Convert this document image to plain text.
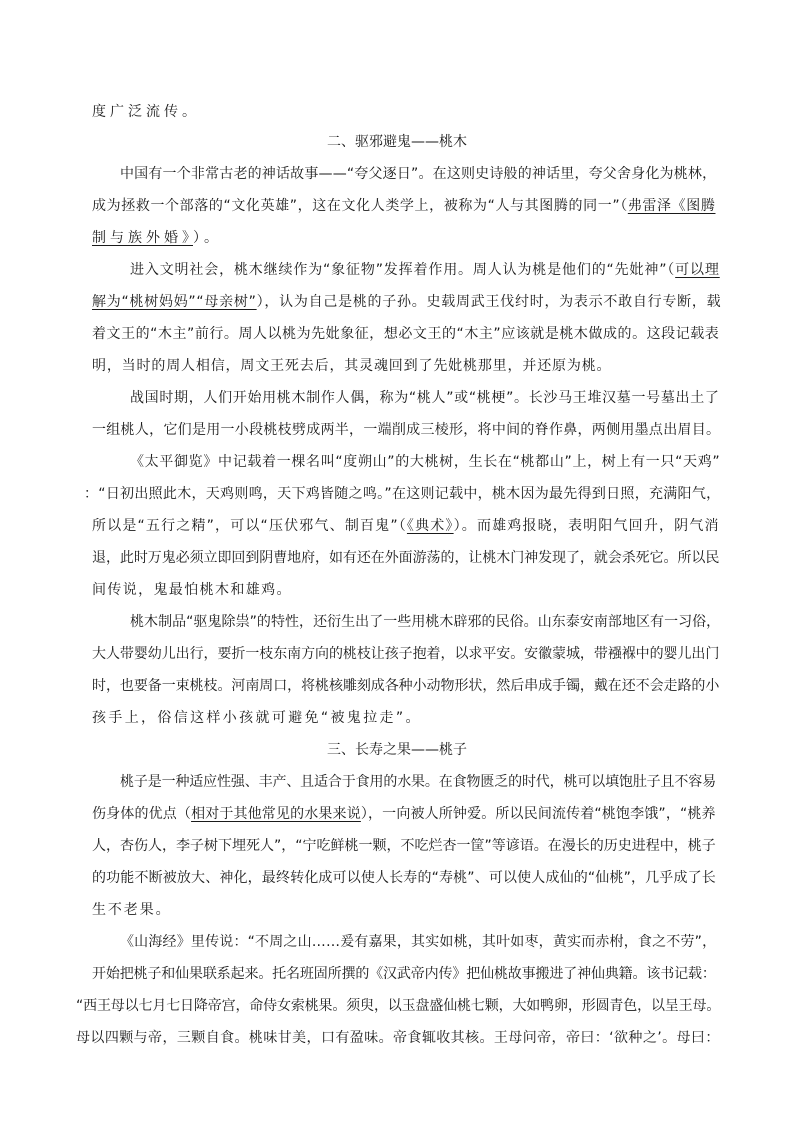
度广泛流传。
二、驱邪避鬼——桃木
中国有一个非常古老的神话故事——“夸父逐日”。在这则史诗般的神话里，夸父舍身化为桃林，
成为拯救一个部落的“文化英雄”，这在文化人类学上，被称为“人与其图腾的同一”（弗雷泽《图腾
制与族外婚》）。
进入文明社会，桃木继续作为“象征物”发挥着作用。周人认为桃是他们的“先妣神”（可以理
解为“桃树妈妈”“母亲树”），认为自己是桃的子孙。史载周武王伐纣时，为表示不敢自行专断，载
着文王的“木主”前行。周人以桃为先妣象征，想必文王的“木主”应该就是桃木做成的。这段记载表
明，当时的周人相信，周文王死去后，其灵魂回到了先妣桃那里，并还原为桃。
战国时期，人们开始用桃木制作人偶，称为“桃人”或“桃梗”。长沙马王堆汉墓一号墓出土了
一组桃人，它们是用一小段桃枝劈成两半，一端削成三棱形，将中间的脊作鼻，两侧用墨点出眉目。
《太平御览》中记载着一棵名叫“度朔山”的大桃树，生长在“桃都山”上，树上有一只“天鸡”
：“日初出照此木，天鸡则鸣，天下鸡皆随之鸣。”在这则记载中，桃木因为最先得到日照，充满阳气，
所以是“五行之精”，可以“压伏邪气、制百鬼”（《典术》）。而雄鸡报晓，表明阳气回升，阴气消
退，此时万鬼必须立即回到阴曹地府，如有还在外面游荡的，让桃木门神发现了，就会杀死它。所以民
间传说，鬼最怕桃木和雄鸡。
桃木制品“驱鬼除祟”的特性，还衍生出了一些用桃木辟邪的民俗。山东泰安南部地区有一习俗，
大人带婴幼儿出行，要折一枝东南方向的桃枝让孩子抱着，以求平安。安徽蒙城，带襁褓中的婴儿出门
时，也要备一束桃枝。河南周口，将桃核雕刻成各种小动物形状，然后串成手镯，戴在还不会走路的小
孩手上，俗信这样小孩就可避免“被鬼拉走”。
三、长寿之果——桃子
桃子是一种适应性强、丰产、且适合于食用的水果。在食物匮乏的时代，桃可以填饱肚子且不容易
伤身体的优点（相对于其他常见的水果来说），一向被人所钟爱。所以民间流传着“桃饱李饿”，“桃养
人，杏伤人，李子树下埋死人”，“宁吃鲜桃一颗，不吃烂杏一筐”等谚语。在漫长的历史进程中，桃子
的功能不断被放大、神化，最终转化成可以使人长寿的“寿桃”、可以使人成仙的“仙桃”，几乎成了长
生不老果。
《山海经》里传说：“不周之山……爰有嘉果，其实如桃，其叶如枣，黄实而赤柎，食之不劳”，
开始把桃子和仙果联系起来。托名班固所撰的《汉武帝内传》把仙桃故事搬进了神仙典籍。该书记载：
“西王母以七月七日降帝宫，命侍女索桃果。须臾，以玉盘盛仙桃七颗，大如鸭卵，形圆青色，以呈王母。
母以四颗与帝，三颗自食。桃味甘美，口有盈味。帝食辄收其核。王母问帝，帝曰：‘欲种之’。母曰：
